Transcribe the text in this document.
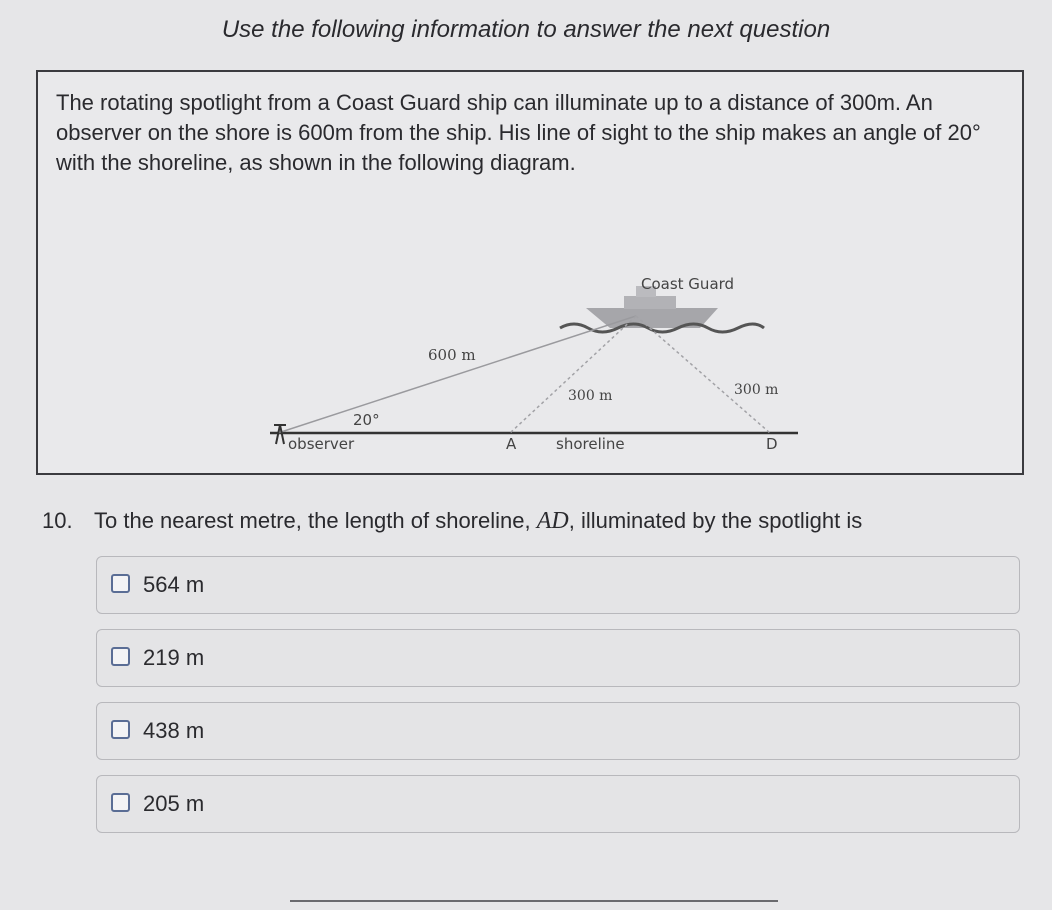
Use the following information to answer the next question
The rotating spotlight from a Coast Guard ship can illuminate up to a distance of 300m. An observer on the shore is 600m from the ship. His line of sight to the ship makes an angle of 20° with the shoreline, as shown in the following diagram.
Coast Guard
600 m
300 m	300 m
20°
observer	A	shoreline	D
10. To the nearest metre, the length of shoreline, AD, illuminated by the spotlight is
564 m
219 m
438 m
205 m
